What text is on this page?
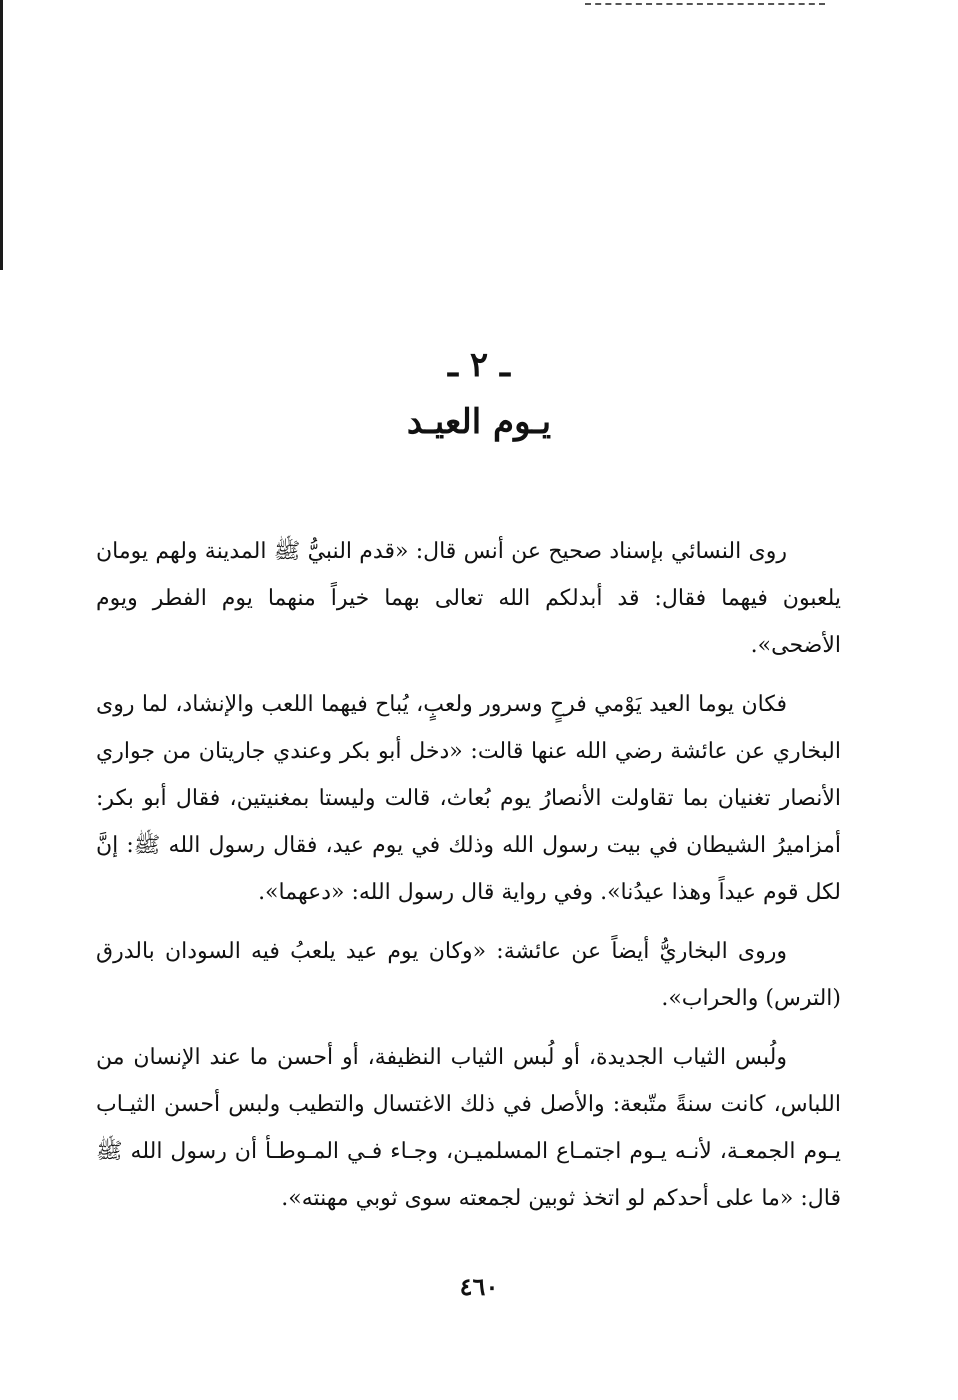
ـ ٢ ـ
يـوم العيـد

روى النسائي بإسناد صحيح عن أنس قال: «قدم النبيُّ ﷺ المدينة ولهم يومان يلعبون فيهما فقال: قد أبدلكم الله تعالى بهما خيراً منهما يوم الفطر ويوم الأضحى».

فكان يوما العيد يَوْمي فرحٍ وسرور ولعبٍ، يُباح فيهما اللعب والإنشاد، لما روى البخاري عن عائشة رضي الله عنها قالت: «دخل أبو بكر وعندي جاريتان من جواري الأنصار تغنيان بما تقاولت الأنصارُ يوم بُعاث، قالت وليستا بمغنيتين، فقال أبو بكر: أمزاميرُ الشيطان في بيت رسول الله وذلك في يوم عيد، فقال رسول الله ﷺ: إنَّ لكل قوم عيداً وهذا عيدُنا». وفي رواية قال رسول الله: «دعهما».

وروى البخاريُّ أيضاً عن عائشة: «وكان يوم عيد يلعبُ فيه السودان بالدرق (الترس) والحراب».

ولُبس الثياب الجديدة، أو لُبس الثياب النظيفة، أو أحسن ما عند الإنسان من اللباس، كانت سنةً متّبعة: والأصل في ذلك الاغتسال والتطيب ولبس أحسن الثيـاب يـوم الجمعـة، لأنـه يـوم اجتمـاع المسلميـن، وجـاء فـي المـوطـأ أن رسول الله ﷺ قال: «ما على أحدكم لو اتخذ ثوبين لجمعته سوى ثوبي مهنته».

٤٦٠
